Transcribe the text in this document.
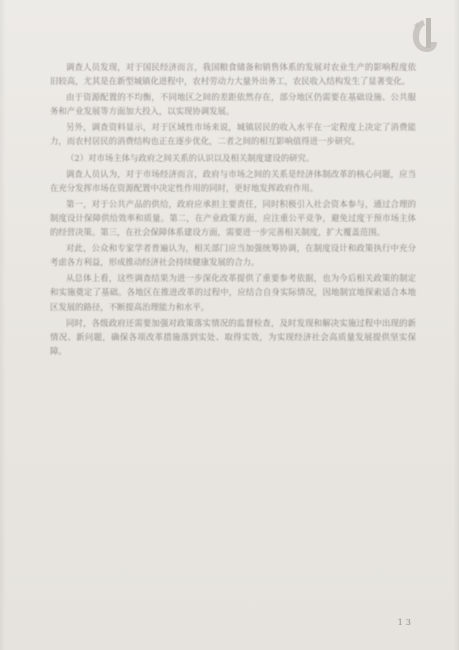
调查人员发现，对于国民经济而言，我国粮食储备和销售体系的发展对农业生产的影响程度依旧较高，尤其是在新型城镇化进程中，农村劳动力大量外出务工，农民收入结构发生了显著变化。

由于资源配置的不均衡，不同地区之间的差距依然存在，部分地区仍需要在基础设施、公共服务和产业发展等方面加大投入，以实现协调发展。

另外，调查资料显示，对于区域性市场来说，城镇居民的收入水平在一定程度上决定了消费能力，而农村居民的消费结构也正在逐步优化，二者之间的相互影响值得进一步研究。

（2）对市场主体与政府之间关系的认识以及相关制度建设的研究。

调查人员认为，对于市场经济而言，政府与市场之间的关系是经济体制改革的核心问题，应当在充分发挥市场在资源配置中决定性作用的同时，更好地发挥政府作用。

第一，对于公共产品的供给，政府应承担主要责任，同时积极引入社会资本参与，通过合理的制度设计保障供给效率和质量。第二，在产业政策方面，应注重公平竞争，避免过度干预市场主体的经营决策。第三，在社会保障体系建设方面，需要进一步完善相关制度，扩大覆盖范围。

对此，公众和专家学者普遍认为，相关部门应当加强统筹协调，在制度设计和政策执行中充分考虑各方利益，形成推动经济社会持续健康发展的合力。

从总体上看，这些调查结果为进一步深化改革提供了重要参考依据，也为今后相关政策的制定和实施奠定了基础。各地区在推进改革的过程中，应结合自身实际情况，因地制宜地探索适合本地区发展的路径，不断提高治理能力和水平。

同时，各级政府还需要加强对政策落实情况的监督检查，及时发现和解决实施过程中出现的新情况、新问题，确保各项改革措施落到实处、取得实效，为实现经济社会高质量发展提供坚实保障。

1 3
